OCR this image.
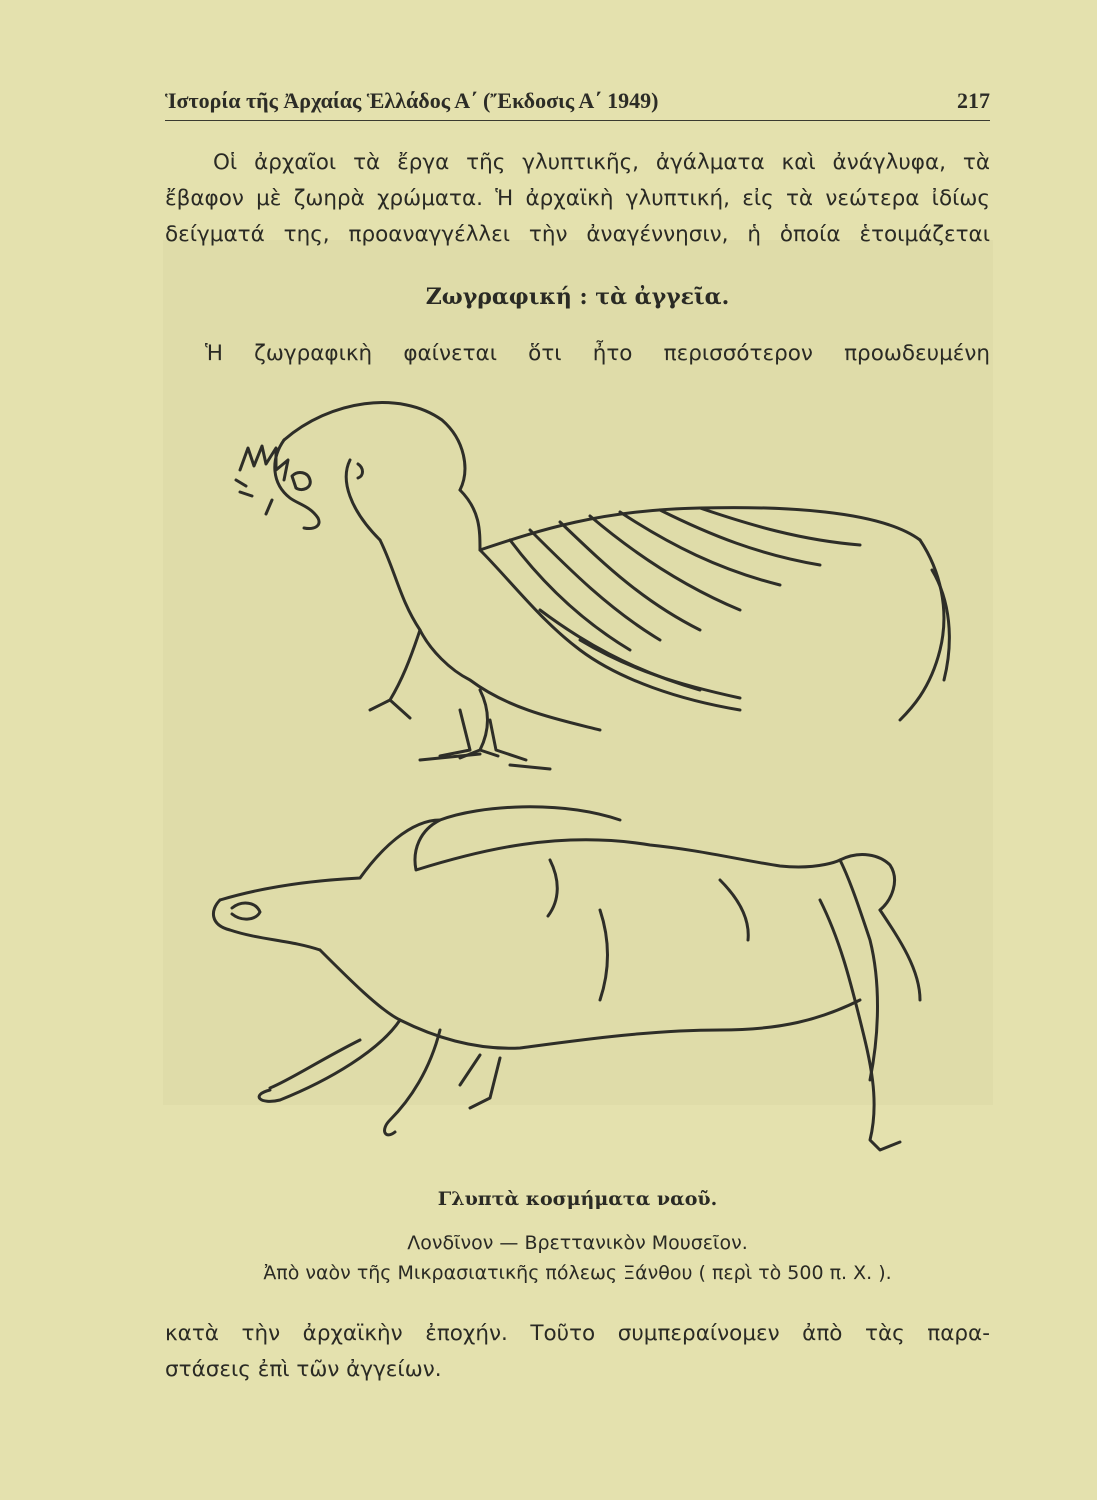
Ἱστορία τῆς Ἀρχαίας Ἑλλάδος Α΄ (Ἔκδοσις Α΄ 1949)	217

Οἱ ἀρχαῖοι τὰ ἔργα τῆς γλυπτικῆς, ἀγάλματα καὶ ἀνάγλυφα, τὰ
ἔβαφον μὲ ζωηρὰ χρώματα. Ἡ ἀρχαϊκὴ γλυπτική, εἰς τὰ νεώτερα ἰδίως
δείγματά της, προαναγγέλλει τὴν ἀναγέννησιν, ἡ ὁποία ἑτοιμάζεται

Ζωγραφική : τὰ ἀγγεῖα.

Ἡ ζωγραφικὴ φαίνεται ὅτι ἦτο περισσότερον προωδευμένη

Γλυπτὰ κοσμήματα ναοῦ.
Λονδῖνον — Βρεττανικὸν Μουσεῖον.
Ἀπὸ ναὸν τῆς Μικρασιατικῆς πόλεως Ξάνθου ( περὶ τὸ 500 π. Χ. ).

κατὰ τὴν ἀρχαϊκὴν ἐποχήν. Τοῦτο συμπεραίνομεν ἀπὸ τὰς παρα-
στάσεις ἐπὶ τῶν ἀγγείων.
